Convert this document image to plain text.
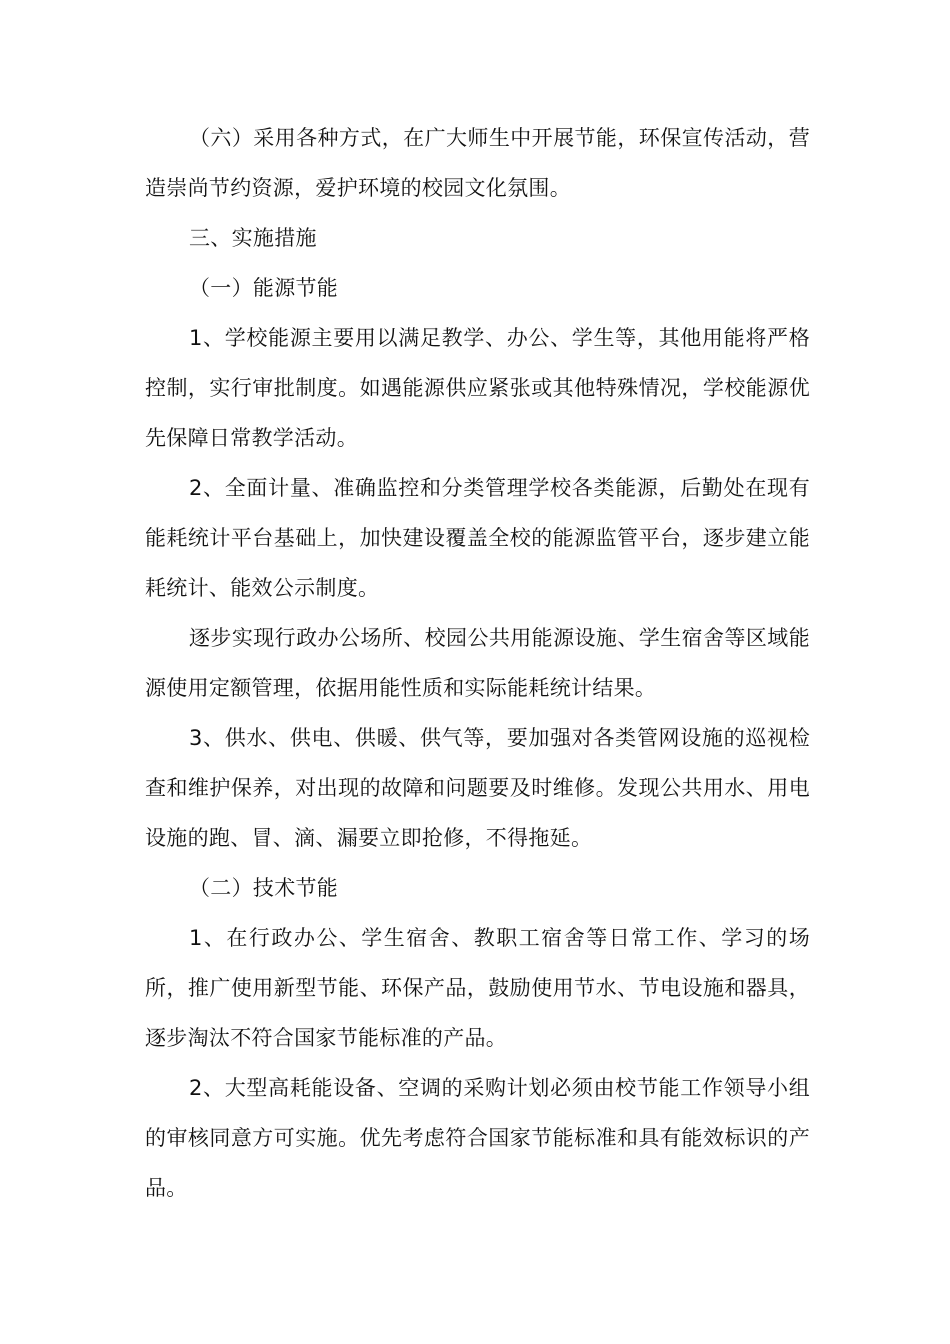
（六）采用各种方式，在广大师生中开展节能，环保宣传活动，营造崇尚节约资源，爱护环境的校园文化氛围。

三、实施措施

（一）能源节能

1、学校能源主要用以满足教学、办公、学生等，其他用能将严格控制，实行审批制度。如遇能源供应紧张或其他特殊情况，学校能源优先保障日常教学活动。

2、全面计量、准确监控和分类管理学校各类能源，后勤处在现有能耗统计平台基础上，加快建设覆盖全校的能源监管平台，逐步建立能耗统计、能效公示制度。

逐步实现行政办公场所、校园公共用能源设施、学生宿舍等区域能源使用定额管理，依据用能性质和实际能耗统计结果。

3、供水、供电、供暖、供气等，要加强对各类管网设施的巡视检查和维护保养，对出现的故障和问题要及时维修。发现公共用水、用电设施的跑、冒、滴、漏要立即抢修，不得拖延。

（二）技术节能

1、在行政办公、学生宿舍、教职工宿舍等日常工作、学习的场所，推广使用新型节能、环保产品，鼓励使用节水、节电设施和器具，逐步淘汰不符合国家节能标准的产品。

2、大型高耗能设备、空调的采购计划必须由校节能工作领导小组的审核同意方可实施。优先考虑符合国家节能标准和具有能效标识的产品。
